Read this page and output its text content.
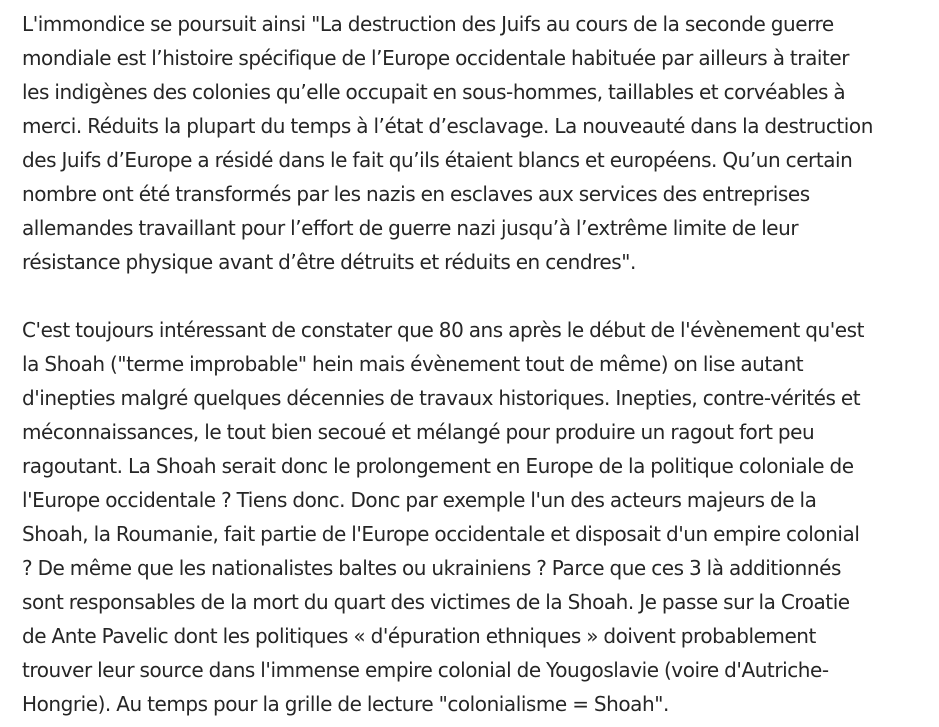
L'immondice se poursuit ainsi "La destruction des Juifs au cours de la seconde guerre
mondiale est l’histoire spécifique de l’Europe occidentale habituée par ailleurs à traiter
les indigènes des colonies qu’elle occupait en sous-hommes, taillables et corvéables à
merci. Réduits la plupart du temps à l’état d’esclavage. La nouveauté dans la destruction
des Juifs d’Europe a résidé dans le fait qu’ils étaient blancs et européens. Qu’un certain
nombre ont été transformés par les nazis en esclaves aux services des entreprises
allemandes travaillant pour l’effort de guerre nazi jusqu’à l’extrême limite de leur
résistance physique avant d’être détruits et réduits en cendres".

C'est toujours intéressant de constater que 80 ans après le début de l'évènement qu'est
la Shoah ("terme improbable" hein mais évènement tout de même) on lise autant
d'inepties malgré quelques décennies de travaux historiques. Inepties, contre-vérités et
méconnaissances, le tout bien secoué et mélangé pour produire un ragout fort peu
ragoutant. La Shoah serait donc le prolongement en Europe de la politique coloniale de
l'Europe occidentale ? Tiens donc. Donc par exemple l'un des acteurs majeurs de la
Shoah, la Roumanie, fait partie de l'Europe occidentale et disposait d'un empire colonial
? De même que les nationalistes baltes ou ukrainiens ? Parce que ces 3 là additionnés
sont responsables de la mort du quart des victimes de la Shoah. Je passe sur la Croatie
de Ante Pavelic dont les politiques « d'épuration ethniques » doivent probablement
trouver leur source dans l'immense empire colonial de Yougoslavie (voire d'Autriche-
Hongrie). Au temps pour la grille de lecture "colonialisme = Shoah".
